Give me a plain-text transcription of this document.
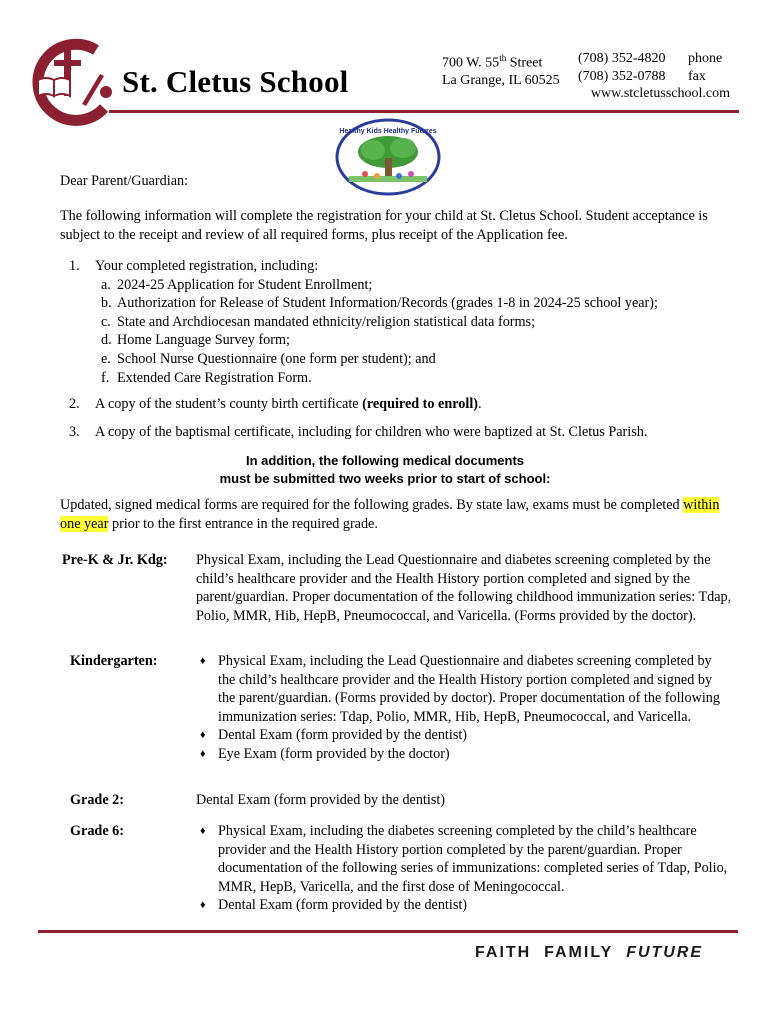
St. Cletus School
700 W. 55th Street
La Grange, IL 60525
(708) 352-4820
(708) 352-0788
phone
fax
www.stcletusschool.com
Healthy Kids Healthy Futures
Dear Parent/Guardian:
The following information will complete the registration for your child at St. Cletus School. Student acceptance is subject to the receipt and review of all required forms, plus receipt of the Application fee.
1. Your completed registration, including:
a. 2024-25 Application for Student Enrollment;
b. Authorization for Release of Student Information/Records (grades 1-8 in 2024-25 school year);
c. State and Archdiocesan mandated ethnicity/religion statistical data forms;
d. Home Language Survey form;
e. School Nurse Questionnaire (one form per student); and
f. Extended Care Registration Form.
2. A copy of the student’s county birth certificate (required to enroll).
3. A copy of the baptismal certificate, including for children who were baptized at St. Cletus Parish.
In addition, the following medical documents
must be submitted two weeks prior to start of school:
Updated, signed medical forms are required for the following grades. By state law, exams must be completed within one year prior to the first entrance in the required grade.
Pre-K & Jr. Kdg: Physical Exam, including the Lead Questionnaire and diabetes screening completed by the child’s healthcare provider and the Health History portion completed and signed by the parent/guardian. Proper documentation of the following childhood immunization series: Tdap, Polio, MMR, Hib, HepB, Pneumococcal, and Varicella. (Forms provided by the doctor).
Kindergarten:	♦ Physical Exam, including the Lead Questionnaire and diabetes screening completed by the child’s healthcare provider and the Health History portion completed and signed by the parent/guardian. (Forms provided by doctor). Proper documentation of the following immunization series: Tdap, Polio, MMR, Hib, HepB, Pneumococcal, and Varicella.
♦ Dental Exam (form provided by the dentist)
♦ Eye Exam (form provided by the doctor)
Grade 2:	Dental Exam (form provided by the dentist)
Grade 6:	♦ Physical Exam, including the diabetes screening completed by the child’s healthcare provider and the Health History portion completed by the parent/guardian. Proper documentation of the following series of immunizations: completed series of Tdap, Polio, MMR, HepB, Varicella, and the first dose of Meningococcal.
♦ Dental Exam (form provided by the dentist)
FAITH FAMILY FUTURE
